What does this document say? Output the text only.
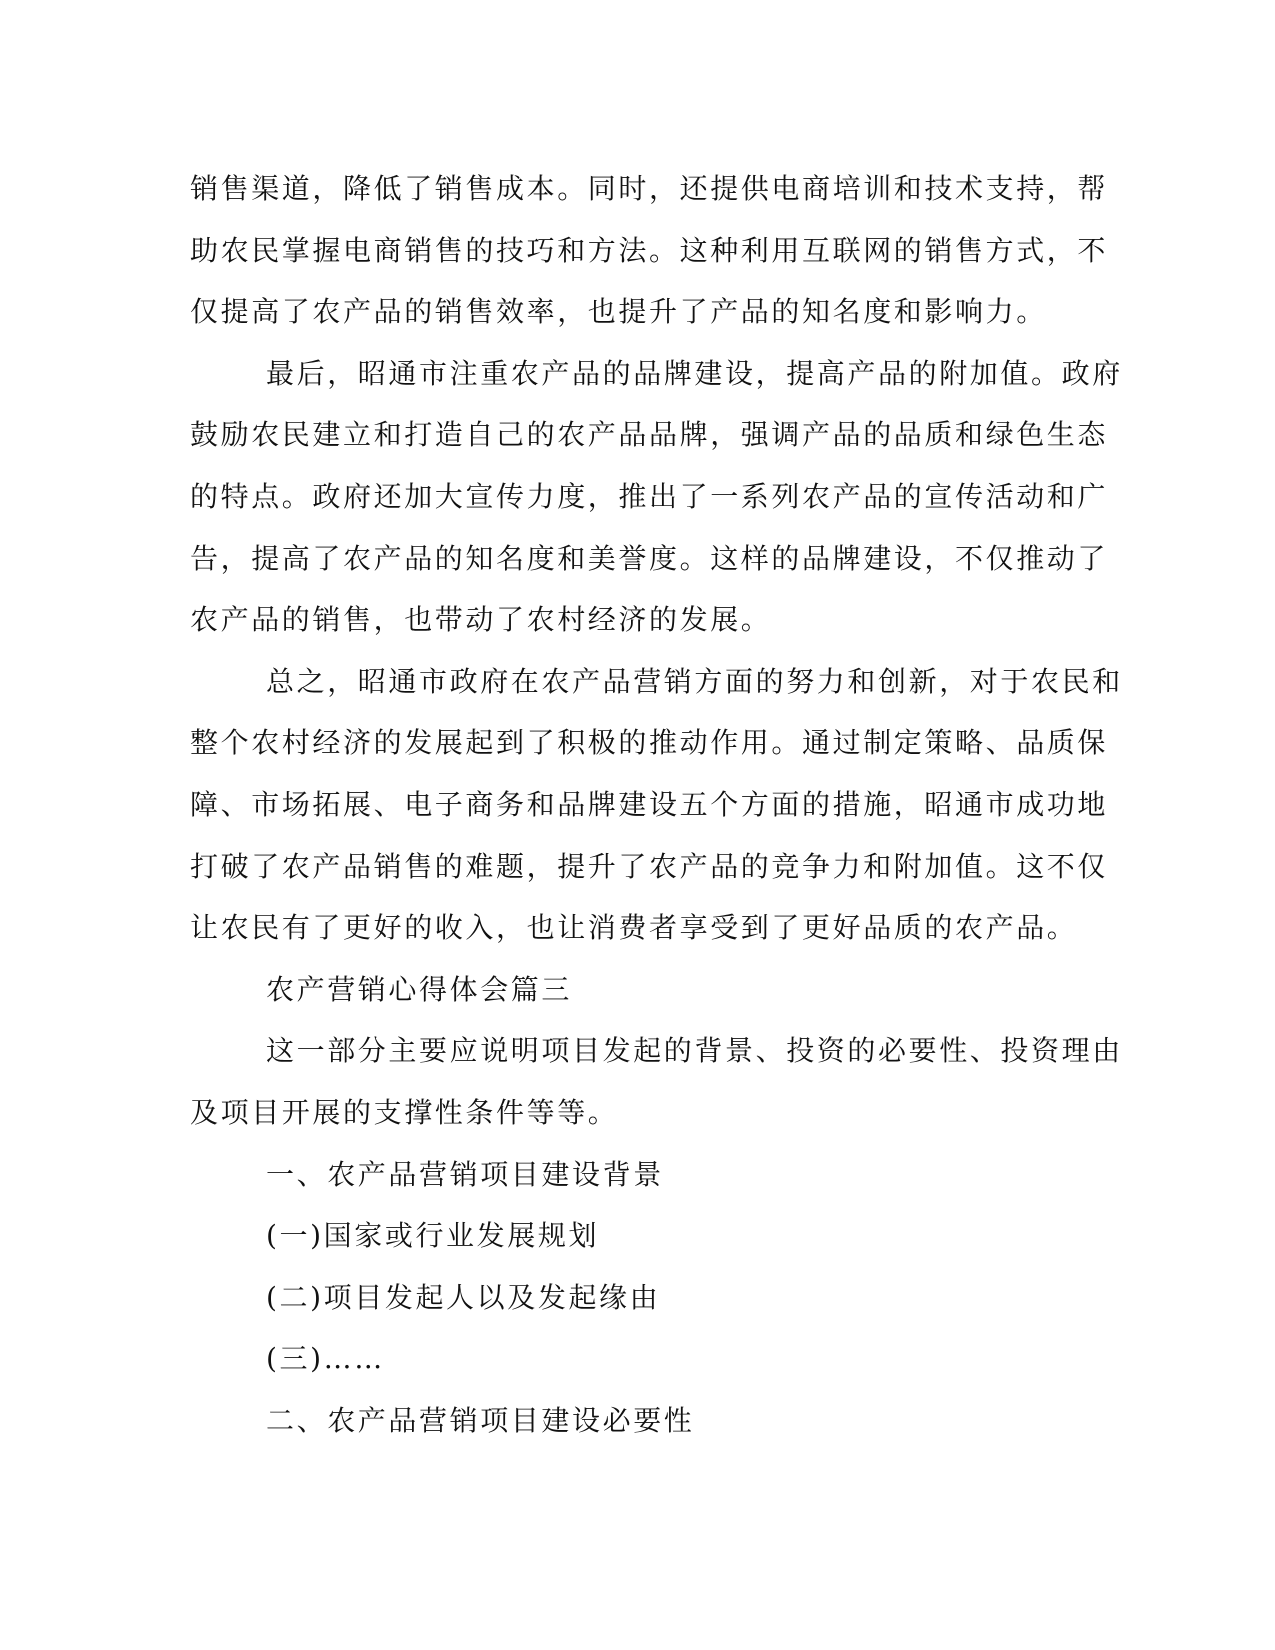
销售渠道，降低了销售成本。同时，还提供电商培训和技术支持，帮
助农民掌握电商销售的技巧和方法。这种利用互联网的销售方式，不
仅提高了农产品的销售效率，也提升了产品的知名度和影响力。

最后，昭通市注重农产品的品牌建设，提高产品的附加值。政府
鼓励农民建立和打造自己的农产品品牌，强调产品的品质和绿色生态
的特点。政府还加大宣传力度，推出了一系列农产品的宣传活动和广
告，提高了农产品的知名度和美誉度。这样的品牌建设，不仅推动了
农产品的销售，也带动了农村经济的发展。

总之，昭通市政府在农产品营销方面的努力和创新，对于农民和
整个农村经济的发展起到了积极的推动作用。通过制定策略、品质保
障、市场拓展、电子商务和品牌建设五个方面的措施，昭通市成功地
打破了农产品销售的难题，提升了农产品的竞争力和附加值。这不仅
让农民有了更好的收入，也让消费者享受到了更好品质的农产品。

农产营销心得体会篇三

这一部分主要应说明项目发起的背景、投资的必要性、投资理由
及项目开展的支撑性条件等等。

一、农产品营销项目建设背景

(一)国家或行业发展规划

(二)项目发起人以及发起缘由

(三)……

二、农产品营销项目建设必要性
